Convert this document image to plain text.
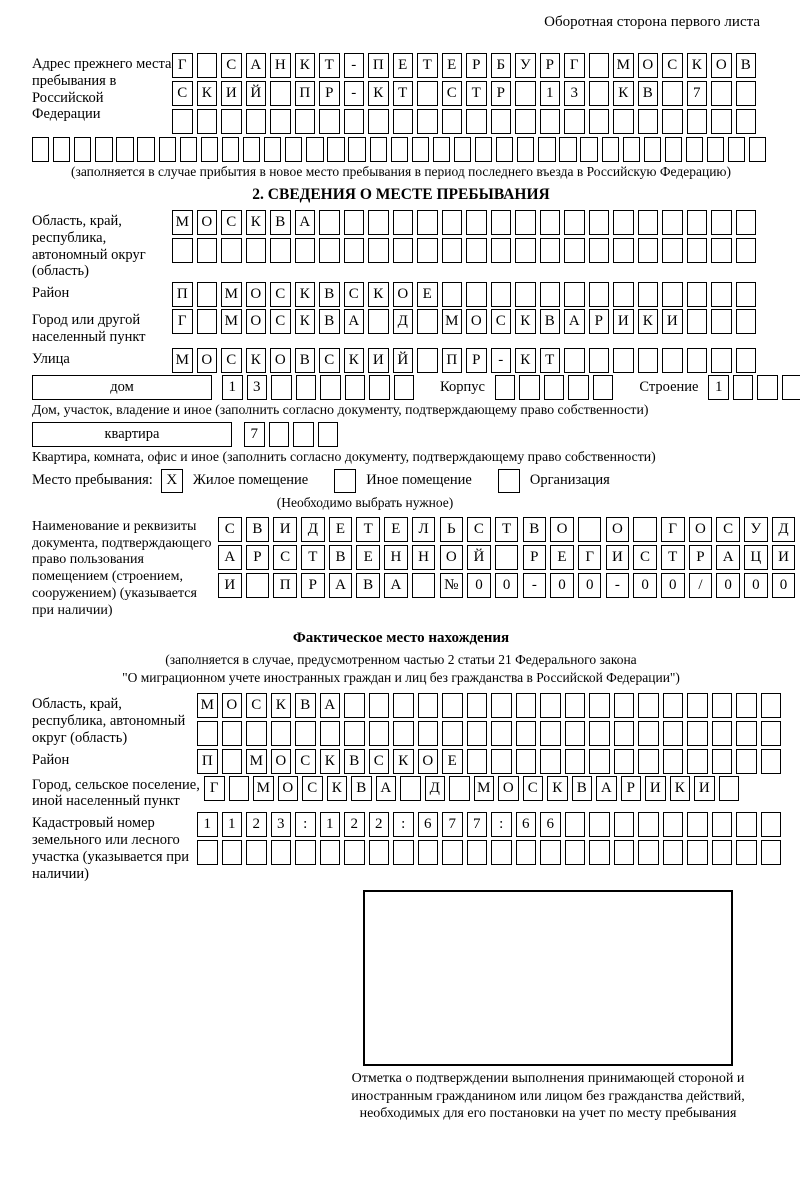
Оборотная сторона первого листа
Адрес прежнего места пребывания в Российской Федерации
Г	С А Н К Т	-	П Е	Т	Е	Р	Б У	Р	Г	М О С К О В
С К И Й	П Р	-	К Т	С Т	Р	1	3	К В	7
(заполняется в случае прибытия в новое место пребывания в период последнего въезда в Российскую Федерацию)
2. СВЕДЕНИЯ О МЕСТЕ ПРЕБЫВАНИЯ
Область, край, республика, автономный округ (область)
М О С К В А
Район	П	М О С К В С К О Е
Город или другой населенный пункт
Г	М О С К В А	Д	М О С К В А Р И К И
Улица	М О С К О В С К И Й	П Р	-	К Т
дом	1	3	Корпус	Строение	1
Дом, участок, владение и иное (заполнить согласно документу, подтверждающему право собственности)
квартира	7
Квартира, комната, офис и иное (заполнить согласно документу, подтверждающему право собственности)
Место пребывания: X	Жилое помещение	Иное помещение	Организация
(Необходимо выбрать нужное)
Наименование и реквизиты документа, подтверждающего право пользования помещением (строением, сооружением) (указывается при наличии)
С	В	И	Д	Е	Т	Е	Л	Ь	С	Т	В	О	О	Г	О	С	У	Д
А	Р	С	Т	В	Е	Н	Н	О	Й	Р	Е	Г	И	С	Т	Р	А	Ц	И
И	П	Р	А	В	А	№	0	0	-	0	0	-	0	0	/	0	0	0
Фактическое место нахождения
(заполняется в случае, предусмотренном частью 2 статьи 21 Федерального закона
"О миграционном учете иностранных граждан и лиц без гражданства в Российской Федерации")
Область, край, республика, автономный округ (область)
М О С К В А
Район	П	М О С К В С К О Е
Город, сельское поселение, иной населенный пункт
Г	М О С К В А	Д	М О С К В А Р И К И
Кадастровый номер земельного или лесного участка (указывается при наличии)
1	1	2	3	:	1	2	2	:	6	7	7	:	6	6
Отметка о подтверждении выполнения принимающей стороной и иностранным гражданином или лицом без гражданства действий, необходимых для его постановки на учет по месту пребывания
